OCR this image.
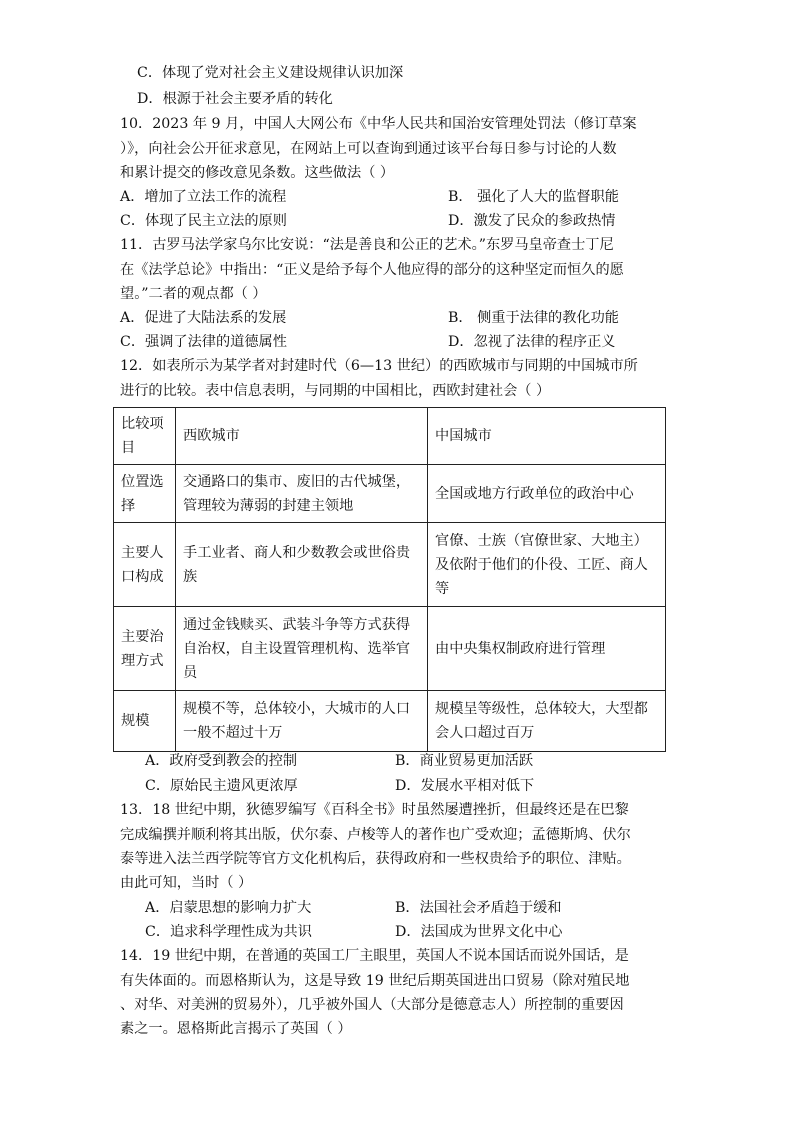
C．体现了党对社会主义建设规律认识加深
D．根源于社会主要矛盾的转化
10．2023 年 9 月，中国人大网公布《中华人民共和国治安管理处罚法（修订草案
）》，向社会公开征求意见，在网站上可以查询到通过该平台每日参与讨论的人数
和累计提交的修改意见条数。这些做法（ ）
A．增加了立法工作的流程	B． 强化了人大的监督职能
C．体现了民主立法的原则	D．激发了民众的参政热情
11．古罗马法学家乌尔比安说：“法是善良和公正的艺术。”东罗马皇帝查士丁尼
在《法学总论》中指出：“正义是给予每个人他应得的部分的这种坚定而恒久的愿
望。”二者的观点都（ ）
A．促进了大陆法系的发展	B． 侧重于法律的教化功能
C．强调了法律的道德属性	D．忽视了法律的程序正义
12．如表所示为某学者对封建时代（6—13 世纪）的西欧城市与同期的中国城市所
进行的比较。表中信息表明，与同期的中国相比，西欧封建社会（ ）
比较项目	西欧城市	中国城市
位置选择	交通路口的集市、废旧的古代城堡，管理较为薄弱的封建主领地	全国或地方行政单位的政治中心
主要人口构成	手工业者、商人和少数教会或世俗贵族	官僚、士族（官僚世家、大地主）及依附于他们的仆役、工匠、商人等
主要治理方式	通过金钱赎买、武装斗争等方式获得自治权，自主设置管理机构、选举官员	由中央集权制政府进行管理
规模	规模不等，总体较小，大城市的人口一般不超过十万	规模呈等级性，总体较大，大型都会人口超过百万
A．政府受到教会的控制	B．商业贸易更加活跃
C．原始民主遗风更浓厚	D．发展水平相对低下
13．18 世纪中期，狄德罗编写《百科全书》时虽然屡遭挫折，但最终还是在巴黎
完成编撰并顺利将其出版，伏尔泰、卢梭等人的著作也广受欢迎；孟德斯鸠、伏尔
泰等进入法兰西学院等官方文化机构后，获得政府和一些权贵给予的职位、津贴。
由此可知，当时（ ）
A．启蒙思想的影响力扩大	B．法国社会矛盾趋于缓和
C．追求科学理性成为共识	D．法国成为世界文化中心
14．19 世纪中期，在普通的英国工厂主眼里，英国人不说本国话而说外国话，是
有失体面的。而恩格斯认为，这是导致 19 世纪后期英国进出口贸易（除对殖民地
、对华、对美洲的贸易外），几乎被外国人（大部分是德意志人）所控制的重要因
素之一。恩格斯此言揭示了英国（ ）
